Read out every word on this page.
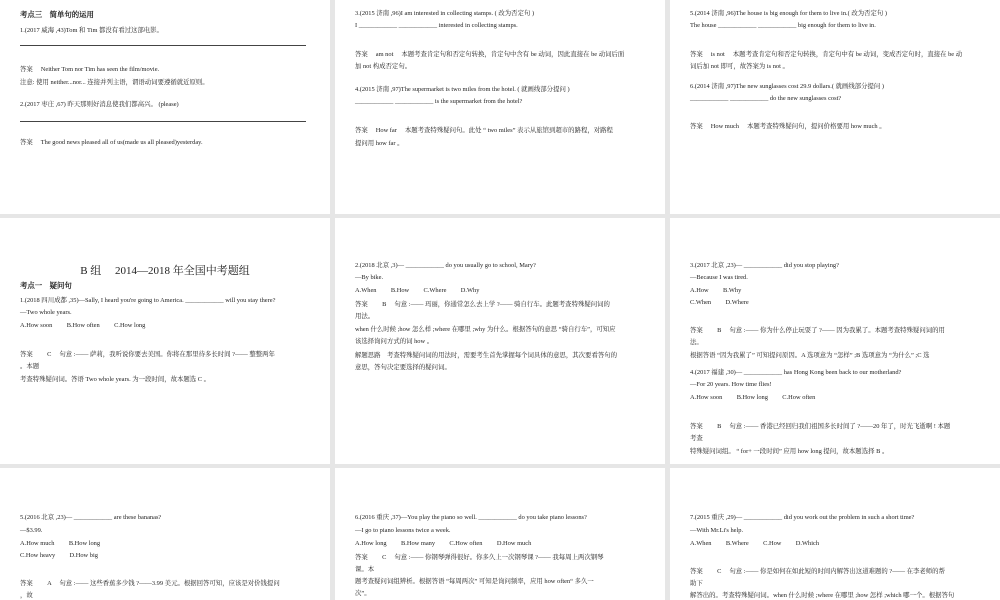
考点三　简单句的运用
1.(2017 威海 ,43)Tom 和 Tim 都没有看过这部电影。
答案　 Neither Tom nor Tim has seen the film/movie.
注意: 使用 neither...nor... 连接并列主语，谓语动词要遵循就近原则。
2.(2017 枣庄 ,67) 昨天那则好消息使我们都高兴。 (please)
答案　 The good news pleased all of us(made us all pleased)yesterday.
3.(2015 济南 ,96)I am interested in collecting stamps. ( 改为否定句 )
I ____________ ____________ interested in collecting stamps.
答案　 am not　 本题考查肯定句和否定句转换，肯定句中含有 be 动词，因此直接在 be 动词后面
加 not 构成否定句。
4.(2015 济南 ,97)The supermarket is two miles from the hotel. ( 就画线部分提问 )
____________ ____________ is the supermarket from the hotel?
答案　 How far　 本题考查特殊疑问句。此处 “ two miles” 表示从旅馆到超市的路程，对路程
提问用 how far 。
5.(2014 济南 ,96)The house is big enough for them to live in.( 改为否定句 )
The house ____________ ____________ big enough for them to live in.
答案　 is not　 本题考查肯定句和否定句转换，肯定句中有 be 动词，变成否定句时，直接在 be 动
词后加 not 即可，故答案为 is not 。
6.(2014 济南 ,97)The new sunglasses cost 29.9 dollars.( 就画线部分提问 )
____________ ____________ do the new sunglasses cost?
答案　 How much　 本题考查特殊疑问句，提问价格要用 how much 。
B 组　 2014—2018 年全国中考题组
考点一　疑问句
1.(2018 四川成都 ,35)—Sally, I heard you're going to America. ____________ will you stay there?
—Two whole years.
A.How soon　　 B.How often　　 C.How long
答案　　 C　 句意 :—— 萨莉，我听说你要去美国。你将在那里待多长时间 ?—— 整整两年
。本题
考查特殊疑问词。答语 Two whole years. 为一段时间，故本题选 C 。
2.(2018 北京 ,3)— ____________ do you usually go to school, Mary?
—By bike.
A.When　　 B.How　　 C.Where　　 D.Why
答案　　 B　 句意 :—— 玛丽，你通常怎么去上学 ?—— 骑自行车。此题考查特殊疑问词的
用法。
when 什么时候 ;how 怎么样 ;where 在哪里 ;why 为什么。根据答句的意思 “骑自行车”，可知应
该选择询问方式的词 how 。
解题思路　考查特殊疑问词的用法时，需要考生首先掌握每个词具体的意思，其次要看答句的
意思，答句决定要选择的疑问词。
3.(2017 北京 ,23)— ____________ did you stop playing?
—Because I was tired.
A.How　　 B.Why
C.When　　 D.Where
答案　　 B　 句意 :—— 你为什么停止玩耍了 ?—— 因为我累了。本题考查特殊疑问词的用
法。
根据答语 “因为我累了” 可知提问原因。A 选项意为 “怎样” ;B 选项意为 “为什么” ;C 选
4.(2017 福建 ,30)— ____________ has Hong Kong been back to our motherland?
—For 20 years. How time flies!
A.How soon　　 B.How long　　 C.How often
答案　　 B　 句意 :—— 香港已经回归我们祖国多长时间了 ?——20 年了，时光飞逝啊 ! 本题
考查
特殊疑问词组。 “ for+ 一段时间” 应用 how long 提问，故本题选择 B 。
5.(2016 北京 ,23)— ____________ are these bananas?
—$3.99.
A.How much　　 B.How long
C.How heavy　　 D.How big
答案　　 A　 句意 :—— 这些香蕉多少钱 ?——3.99 美元。根据回答可知，应该是对价钱提问
，故
6.(2016 重庆 ,37)—You play the piano so well. ____________ do you take piano lessons?
—I go to piano lessons twice a week.
A.How long　　 B.How many　　 C.How often　　 D.How much
答案　　 C　 句意 :—— 你钢琴弹得很好。你多久上一次钢琴课 ?—— 我每周上两次钢琴
课。本
题考查疑问词组辨析。根据答语 “每周两次” 可知是询问频率，应用 how often“ 多久一
次”。
7.(2015 重庆 ,29)— ____________ did you work out the problem in such a short time?
—With Mr.Li's help.
A.When　　 B.Where　　 C.How　　 D.Which
答案　　 C　 句意 :—— 你是如何在如此短的时间内解答出这道难题的 ?—— 在李老师的帮
助下
解答出的。考查特殊疑问词。when 什么时候 ;where 在哪里 ;how 怎样 ;which 哪一个。根据答句
